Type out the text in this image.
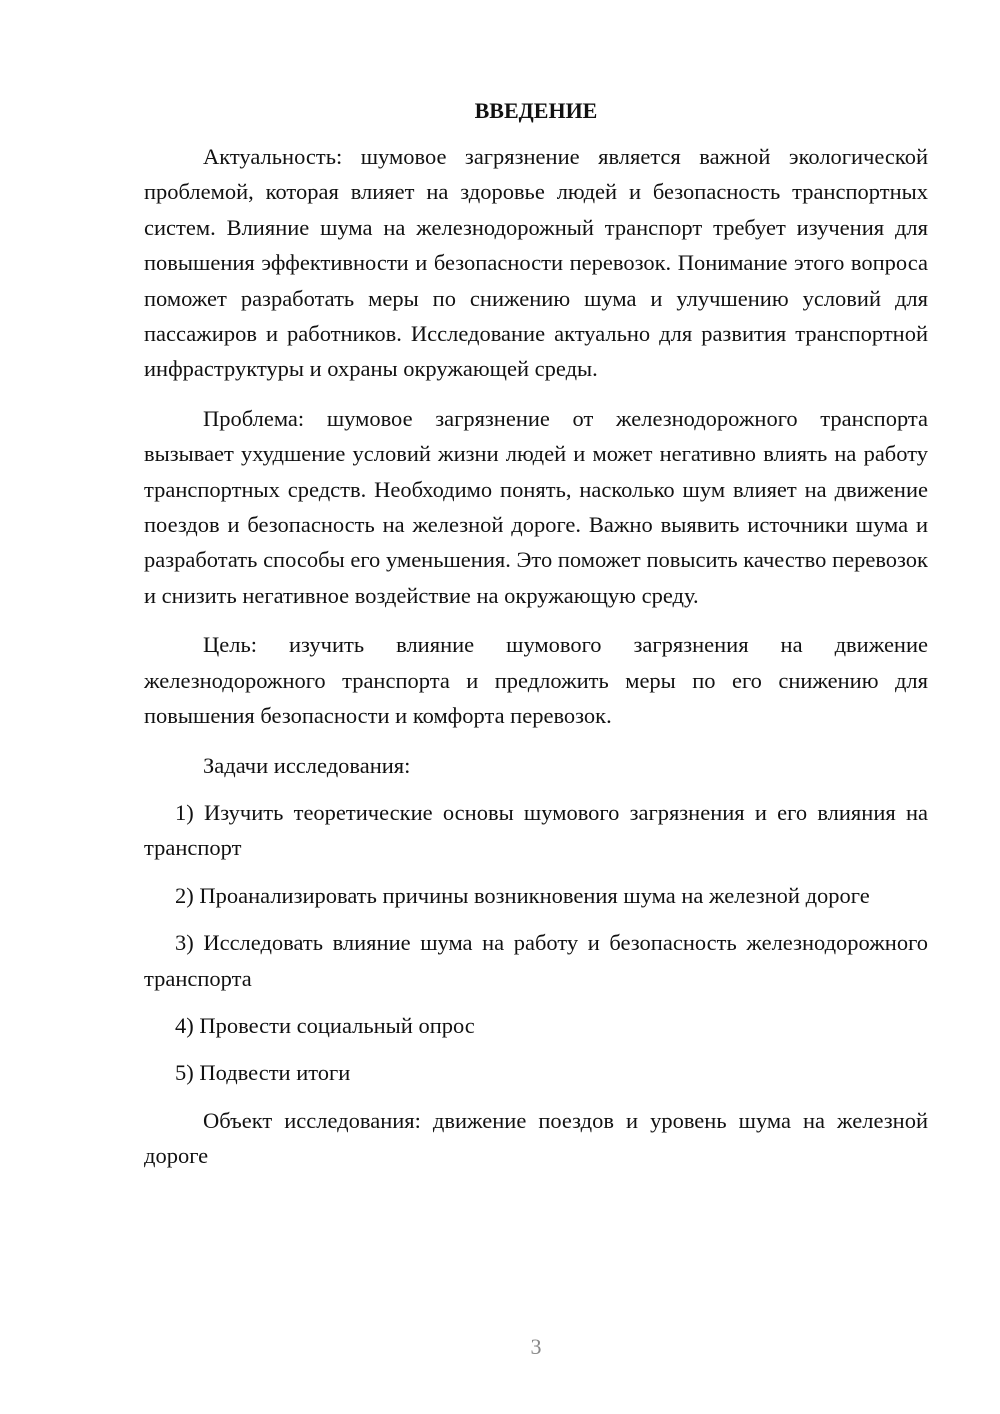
ВВЕДЕНИЕ

Актуальность: шумовое загрязнение является важной экологической проблемой, которая влияет на здоровье людей и безопасность транспортных систем. Влияние шума на железнодорожный транспорт требует изучения для повышения эффективности и безопасности перевозок. Понимание этого вопроса поможет разработать меры по снижению шума и улучшению условий для пассажиров и работников. Исследование актуально для развития транспортной инфраструктуры и охраны окружающей среды.

Проблема: шумовое загрязнение от железнодорожного транспорта вызывает ухудшение условий жизни людей и может негативно влиять на работу транспортных средств. Необходимо понять, насколько шум влияет на движение поездов и безопасность на железной дороге. Важно выявить источники шума и разработать способы его уменьшения. Это поможет повысить качество перевозок и снизить негативное воздействие на окружающую среду.

Цель: изучить влияние шумового загрязнения на движение железнодорожного транспорта и предложить меры по его снижению для повышения безопасности и комфорта перевозок.

Задачи исследования:

1) Изучить теоретические основы шумового загрязнения и его влияния на транспорт

2) Проанализировать причины возникновения шума на железной дороге

3) Исследовать влияние шума на работу и безопасность железнодорожного транспорта

4) Провести социальный опрос

5) Подвести итоги

Объект исследования: движение поездов и уровень шума на железной дороге

3
